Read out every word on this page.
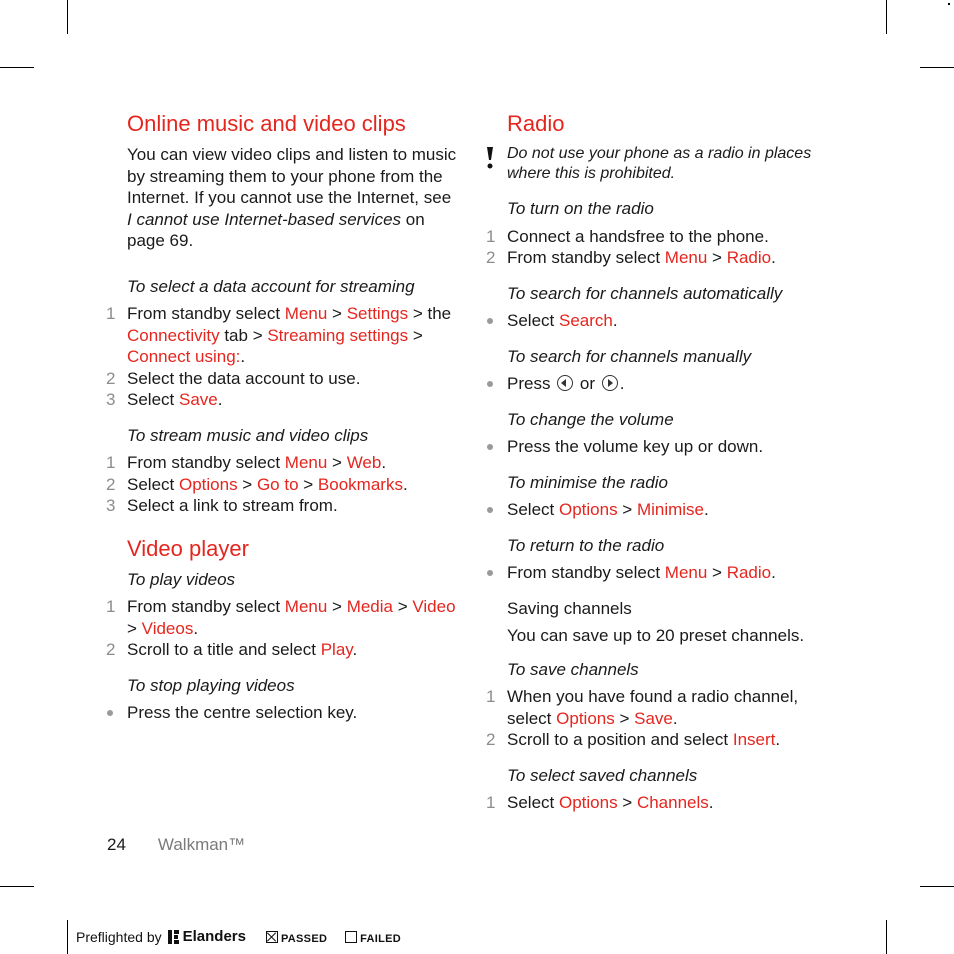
Online music and video clips

You can view video clips and listen to music by streaming them to your phone from the Internet. If you cannot use the Internet, see I cannot use Internet-based services on page 69.

To select a data account for streaming
1 From standby select Menu > Settings > the Connectivity tab > Streaming settings > Connect using:.
2 Select the data account to use.
3 Select Save.
To stream music and video clips
1 From standby select Menu > Web.
2 Select Options > Go to > Bookmarks.
3 Select a link to stream from.
Video player
To play videos
1 From standby select Menu > Media > Video > Videos.
2 Scroll to a title and select Play.
To stop playing videos
Press the centre selection key.
Radio
Do not use your phone as a radio in places where this is prohibited.
To turn on the radio
1 Connect a handsfree to the phone.
2 From standby select Menu > Radio.
To search for channels automatically
Select Search.
To search for channels manually
Press  or .
To change the volume
Press the volume key up or down.
To minimise the radio
Select Options > Minimise.
To return to the radio
From standby select Menu > Radio.
Saving channels

You can save up to 20 preset channels.

To save channels
1 When you have found a radio channel, select Options > Save.
2 Scroll to a position and select Insert.
To select saved channels
1 Select Options > Channels.
24 Walkman™
Preflighted by Elanders	PASSED	FAILED
